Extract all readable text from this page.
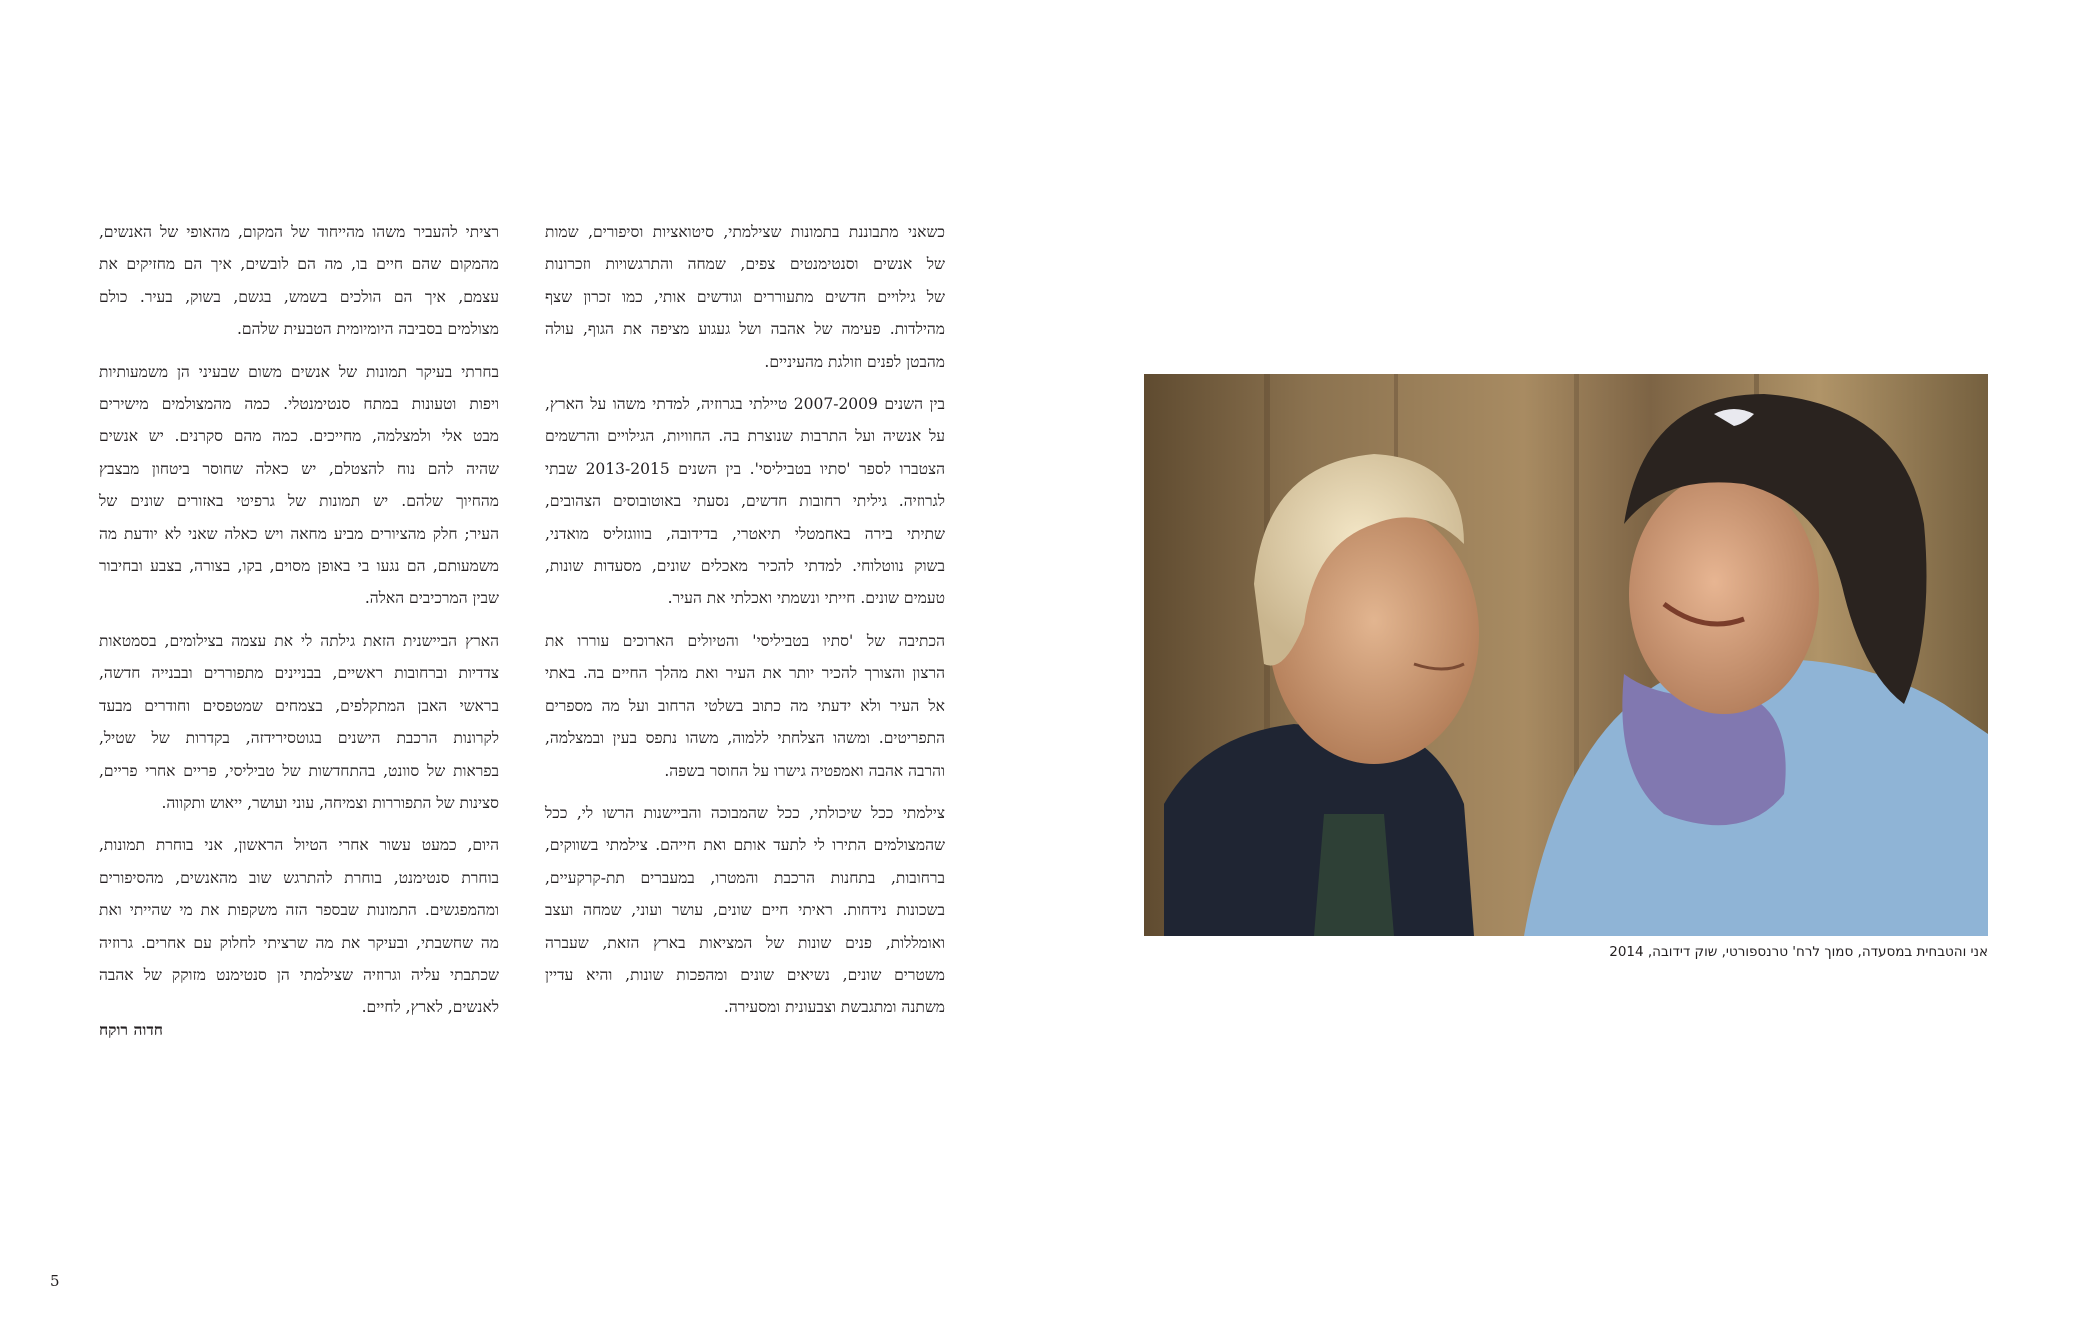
כשאני מתבוננת בתמונות שצילמתי, סיטואציות וסיפורים, שמות
של אנשים וסנטימנטים צפים, שמחה והתרגשויות וזכרונות
של גילויים חדשים מתעוררים וגודשים אותי, כמו זכרון שצף
מהילדות. פעימה של אהבה ושל געגוע מציפה את הגוף, עולה
מהבטן לפנים וזולגת מהעיניים.
בין השנים 2007-2009 טיילתי בגרוזיה, למדתי משהו על הארץ,
על אנשיה ועל התרבות שנוצרת בה. החוויות, הגילויים והרשמים
הצטברו לספר 'סתיו בטביליסי'. בין השנים 2013-2015 שבתי
לגרוזיה. גיליתי רחובות חדשים, נסעתי באוטובוסים הצהובים,
שתיתי בירה באחמטלי תיאטרי, בדידובה, בוווגזליס מואדני,
בשוק נווטלוחי. למדתי להכיר מאכלים שונים, מסעדות שונות,
טעמים שונים. חייתי ונשמתי ואכלתי את העיר.
הכתיבה של 'סתיו בטביליסי' והטיולים הארוכים עוררו את
הרצון והצורך להכיר יותר את העיר ואת מהלך החיים בה. באתי
אל העיר ולא ידעתי מה כתוב בשלטי הרחוב ועל מה מספרים
התפריטים. ומשהו הצלחתי ללמוה, משהו נתפס בעין ובמצלמה,
והרבה אהבה ואמפטיה גישרו על החוסר בשפה.
צילמתי ככל שיכולתי, ככל שהמבוכה והביישנות הרשו לי, ככל
שהמצולמים התירו לי לתעד אותם ואת חייהם. צילמתי בשווקים,
ברחובות, בתחנות הרכבת והמטרו, במעברים תת-קרקעיים,
בשכונות נידחות. ראיתי חיים שונים, עושר ועוני, שמחה ועצב
ואומללות, פנים שונות של המציאות בארץ הזאת, שעברה
משטרים שונים, נשיאים שונים ומהפכות שונות, והיא עדיין
משתנה ומתגבשת וצבעונית ומסעירה.
רציתי להעביר משהו מהייחוד של המקום, מהאופי של האנשים,
מהמקום שהם חיים בו, מה הם לובשים, איך הם מחזיקים את
עצמם, איך הם הולכים בשמש, בגשם, בשוק, בעיר. כולם
מצולמים בסביבה היומיומית הטבעית שלהם.
בחרתי בעיקר תמונות של אנשים משום שבעיני הן משמעותיות
ויפות וטעונות במתח סנטימנטלי. כמה מהמצולמים מישירים
מבט אלי ולמצלמה, מחייכים. כמה מהם סקרנים. יש אנשים
שהיה להם נוח להצטלם, יש כאלה שחוסר ביטחון מבצבץ
מהחיוך שלהם. יש תמונות של גרפיטי באזורים שונים של
העיר; חלק מהציורים מביע מחאה ויש כאלה שאני לא יודעת מה
משמעותם, הם נגעו בי באופן מסוים, בקו, בצורה, בצבע ובחיבור
שבין המרכיבים האלה.
הארץ הביישנית הזאת גילתה לי את עצמה בצילומים, בסמטאות
צדדיות וברחובות ראשיים, בבניינים מתפוררים ובבנייה חדשה,
בראשי האבן המתקלפים, בצמחים שמטפסים וחודרים מבעד
לקרונות הרכבת הישנים בגוטסירידזה, בקדרות של שטיל,
בפראות של סוונט, בהתחדשות של טביליסי, פריים אחרי פריים,
סצינות של התפוררות וצמיחה, עוני ועושר, ייאוש ותקווה.
היום, כמעט עשור אחרי הטיול הראשון, אני בוחרת תמונות,
בוחרת סנטימנט, בוחרת להתרגש שוב מהאנשים, מהסיפורים
ומהמפגשים. התמונות שבספר הזה משקפות את מי שהייתי ואת
מה שחשבתי, ובעיקר את מה שרציתי לחלוק עם אחרים. גרוזיה
שכתבתי עליה וגרוזיה שצילמתי הן סנטימנט מזוקק של אהבה
לאנשים, לארץ, לחיים.
חדוה רוקח
5
אני והטבחית במסעדה, סמוך לרח' טרנספורטי, שוק דידובה, 2014
